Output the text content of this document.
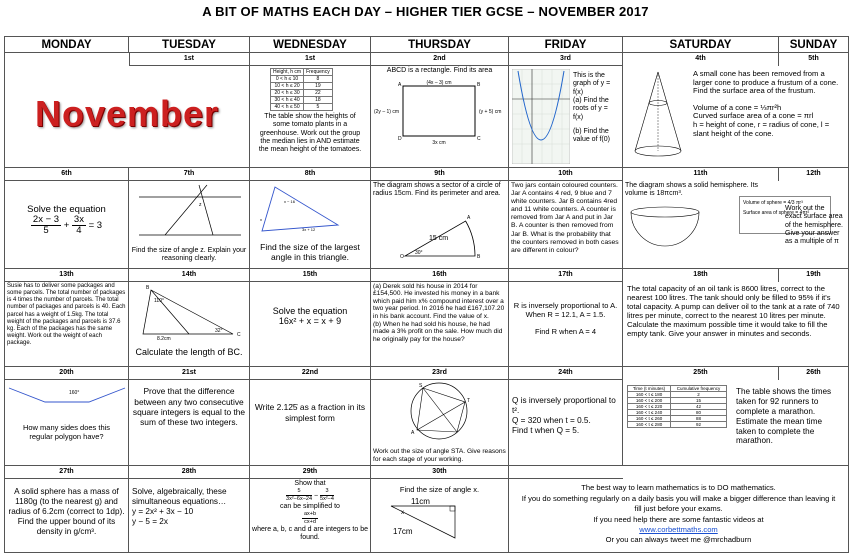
A BIT OF MATHS EACH DAY – HIGHER TIER GCSE – NOVEMBER 2017
MONDAY	TUESDAY	WEDNESDAY	THURSDAY	FRIDAY	SATURDAY	SUNDAY

1st
November

1st
Height, h cm	Frequency
0 < h ≤ 10	8
10 < h ≤ 20	19
20 < h ≤ 30	22
30 < h ≤ 40	18
40 < h ≤ 50	5
The table show the heights of some tomato plants in a greenhouse. Work out the group the median lies in AND estimate the mean height of the tomatoes.

2nd
ABCD is a rectangle. Find its area
(4x – 3) cm
(2y – 1) cm	(y + 5) cm
3x cm
A	B
C
D

3rd
This is the graph of y = f(x)
(a) Find the roots of y = f(x)
(b) Find the value of f(0)

4th	5th
A small cone has been removed from a larger cone to produce a frustum of a cone. Find the surface area of the frustum.
Volume of a cone = ⅓πr²h
Curved surface area of a cone = πrl
h = height of cone, r = radius of cone, l = slant height of the cone.

6th
Solve the equation
$\frac{2x - 3}{5} + \frac{3x}{4} = 3$

7th
z
Find the size of angle z. Explain your reasoning clearly.

8th
x − 16
x
3x + 12
Find the size of the largest angle in this triangle.

9th
The diagram shows a sector of a circle of radius 15cm. Find its perimeter and area.
15 cm
30°
A
B
O

10th
Two jars contain coloured counters. Jar A contains 4 red, 9 blue and 7 white counters. Jar B contains 4red and 11 white counters. A counter is removed from Jar A and put in Jar B. A counter is then removed from Jar B. What is the probability that the counters removed in both cases are different in colour?

11th	12th
The diagram shows a solid hemisphere. Its volume is 18πcm³.
Volume of sphere = 4/3 πr³
Surface area of sphere = 4πr²
Work out the exact surface area of the hemisphere. Give your answer as a multiple of π

13th
Susie has to deliver some packages and some parcels. The total number of packages is 4 times the number of parcels. The total number of packages and parcels is 40. Each parcel has a weight of 1.5kg. The total weight of the packages and parcels is 37.6 kg. Each of the packages has the same weight. Work out the weight of each package.

14th
110°
32°
8.2cm
B
C
Calculate the length of BC.

15th
Solve the equation
16x² + x = x + 9

16th
(a) Derek sold his house in 2014 for £154,500. He invested his money in a bank which paid him x% compound interest over a two year period. In 2016 he had £167,107.20 in his bank account. Find the value of x.
(b) When he had sold his house, he had made a 3% profit on the sale. How much did he originally pay for the house?

17th
R is inversely proportional to A. When R = 12.1, A = 1.5.
Find R when A = 4

18th	19th
The total capacity of an oil tank is 8600 litres, correct to the nearest 100 litres. The tank should only be filled to 95% if it's total capacity. A pump can deliver oil to the tank at a rate of 740 litres per minute, correct to the nearest 10 litres per minute. Calculate the maximum possible time it would take to fill the empty tank. Give your answer in minutes and seconds.

20th
160°
How many sides does this regular polygon have?

21st
Prove that the difference between any two consecutive square integers is equal to the sum of these two integers.

22nd
Write 2.12̇5̇ as a fraction in its simplest form

23rd
S
T
A
Work out the size of angle STA. Give reasons for each stage of your working.

24th
Q is inversely proportional to t².
Q = 320 when t = 0.5.
Find t when Q = 5.

25th	26th
Time (t minutes)	Cumulative frequency
160 < t ≤ 180	2
160 < t ≤ 200	15
160 < t ≤ 220	42
160 < t ≤ 240	80
160 < t ≤ 260	88
160 < t ≤ 280	92
The table shows the times taken for 92 runners to complete a marathon. Estimate the mean time taken to complete the marathon.

27th
A solid sphere has a mass of 1180g (to the nearest g) and radius of 6.2cm (correct to 1dp). Find the upper bound of its density in g/cm³.

28th
Solve, algebraically, these simultaneous equations…
y = 2x² + 3x − 10
y − 5 = 2x

29th
Show that
$\frac{5}{\text{3x²−6x−24}} - \frac{3}{\text{5x²−4}}$
can be simplified to
$\frac{ax+b}{cx+d}$
where a, b, c and d are integers to be found.

30th
Find the size of angle x.
11cm
17cm
x

The best way to learn mathematics is to DO mathematics.
If you do something regularly on a daily basis you will make a bigger difference than leaving it fill just before your exams.
If you need help there are some fantastic videos at
www.corbettmaths.com
Or you can always tweet me @mrchadburn
